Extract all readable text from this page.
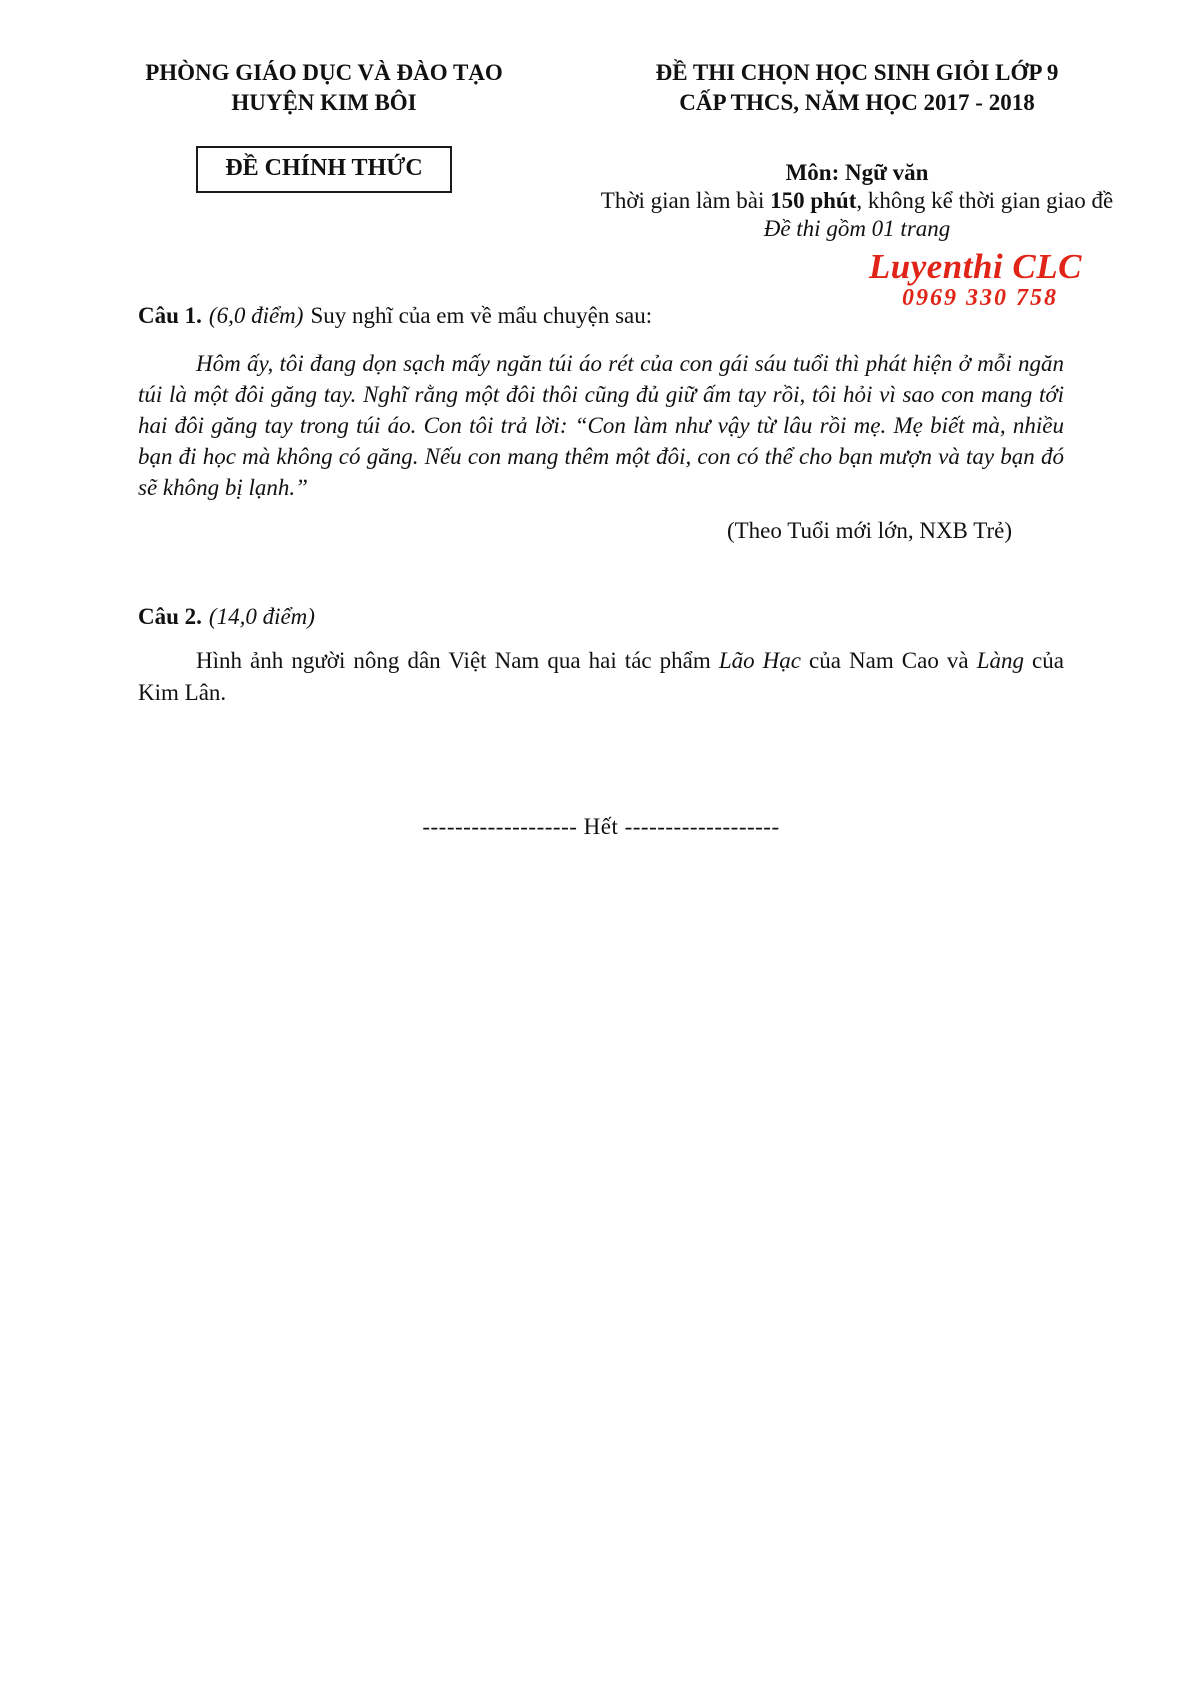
PHÒNG GIÁO DỤC VÀ ĐÀO TẠO
HUYỆN KIM BÔI
ĐỀ CHÍNH THỨC
ĐỀ THI CHỌN HỌC SINH GIỎI LỚP 9
CẤP THCS, NĂM HỌC 2017 - 2018
Môn: Ngữ văn
Thời gian làm bài 150 phút, không kể thời gian giao đề
Đề thi gồm 01 trang
Luyenthi CLC
0969 330 758
Câu 1. (6,0 điểm) Suy nghĩ của em về mẩu chuyện sau:

Hôm ấy, tôi đang dọn sạch mấy ngăn túi áo rét của con gái sáu tuổi thì phát hiện ở mỗi ngăn túi là một đôi găng tay. Nghĩ rằng một đôi thôi cũng đủ giữ ấm tay rồi, tôi hỏi vì sao con mang tới hai đôi găng tay trong túi áo. Con tôi trả lời: “Con làm như vậy từ lâu rồi mẹ. Mẹ biết mà, nhiều bạn đi học mà không có găng. Nếu con mang thêm một đôi, con có thể cho bạn mượn và tay bạn đó sẽ không bị lạnh.”

(Theo Tuổi mới lớn, NXB Trẻ)
Câu 2. (14,0 điểm)

Hình ảnh người nông dân Việt Nam qua hai tác phẩm Lão Hạc của Nam Cao và Làng của Kim Lân.

------------------- Hết -------------------
